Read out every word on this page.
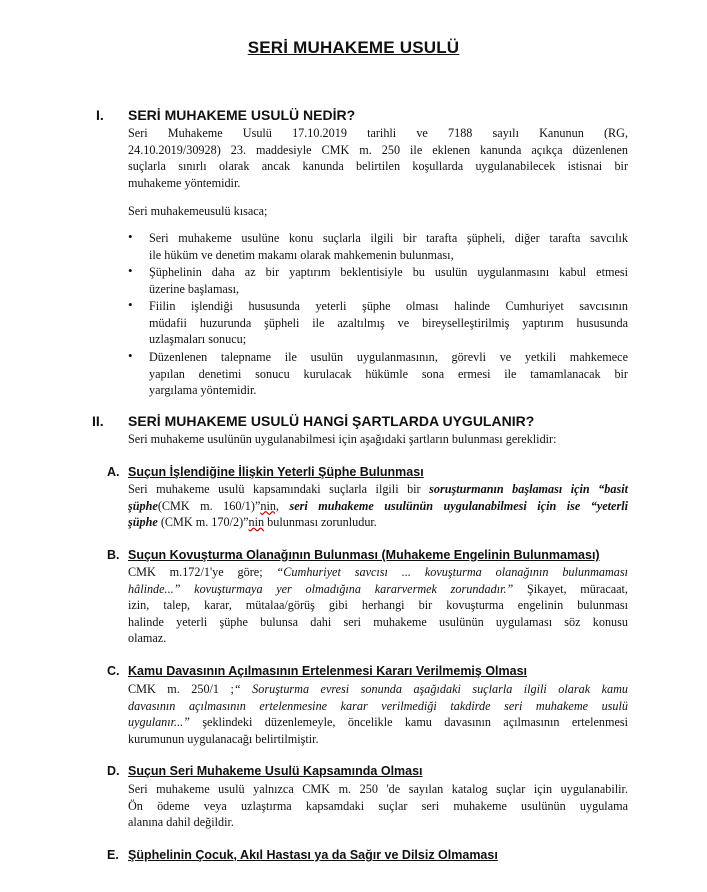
SERİ MUHAKEME USULÜ
I. SERİ MUHAKEME USULÜ NEDİR?
Seri Muhakeme Usulü 17.10.2019 tarihli ve 7188 sayılı Kanunun (RG,
24.10.2019/30928) 23. maddesiyle CMK m. 250 ile eklenen kanunda açıkça düzenlenen
suçlarla sınırlı olarak ancak kanunda belirtilen koşullarda uygulanabilecek istisnai bir
muhakeme yöntemidir.
Seri muhakemeusulü kısaca;
• Seri muhakeme usulüne konu suçlarla ilgili bir tarafta şüpheli, diğer tarafta savcılık
ile hüküm ve denetim makamı olarak mahkemenin bulunması,
• Şüphelinin daha az bir yaptırım beklentisiyle bu usulün uygulanmasını kabul etmesi
üzerine başlaması,
• Fiilin işlendiği hususunda yeterli şüphe olması halinde Cumhuriyet savcısının
müdafii huzurunda şüpheli ile azaltılmış ve bireyselleştirilmiş yaptırım hususunda
uzlaşmaları sonucu;
• Düzenlenen talepname ile usulün uygulanmasının, görevli ve yetkili mahkemece
yapılan denetimi sonucu kurulacak hükümle sona ermesi ile tamamlanacak bir
yargılama yöntemidir.
II. SERİ MUHAKEME USULÜ HANGİ ŞARTLARDA UYGULANIR?
Seri muhakeme usulünün uygulanabilmesi için aşağıdaki şartların bulunması gereklidir:
A. Suçun İşlendiğine İlişkin Yeterli Şüphe Bulunması
Seri muhakeme usulü kapsamındaki suçlarla ilgili bir soruşturmanın başlaması için “basit
şüphe(CMK m. 160/1)”nin, seri muhakeme usulünün uygulanabilmesi için ise “yeterli
şüphe (CMK m. 170/2)”nin bulunması zorunludur.
B. Suçun Kovuşturma Olanağının Bulunması (Muhakeme Engelinin Bulunmaması)
CMK m.172/1'ye göre; “Cumhuriyet savcısı ... kovuşturma olanağının bulunmaması
hâlinde...” kovuşturmaya yer olmadığına kararvermek zorundadır.” Şikayet, müracaat,
izin, talep, karar, mütalaa/görüş gibi herhangi bir kovuşturma engelinin bulunması
halinde yeterli şüphe bulunsa dahi seri muhakeme usulünün uygulaması söz konusu
olamaz.
C. Kamu Davasının Açılmasının Ertelenmesi Kararı Verilmemiş Olması
CMK m. 250/1 ;“ Soruşturma evresi sonunda aşağıdaki suçlarla ilgili olarak kamu
davasının açılmasının ertelenmesine karar verilmediği takdirde seri muhakeme usulü
uygulanır...” şeklindeki düzenlemeyle, öncelikle kamu davasının açılmasının ertelenmesi
kurumunun uygulanacağı belirtilmiştir.
D. Suçun Seri Muhakeme Usulü Kapsamında Olması
Seri muhakeme usulü yalnızca CMK m. 250 'de sayılan katalog suçlar için uygulanabilir.
Ön ödeme veya uzlaştırma kapsamdaki suçlar seri muhakeme usulünün uygulama
alanına dahil değildir.
E. Şüphelinin Çocuk, Akıl Hastası ya da Sağır ve Dilsiz Olmaması
